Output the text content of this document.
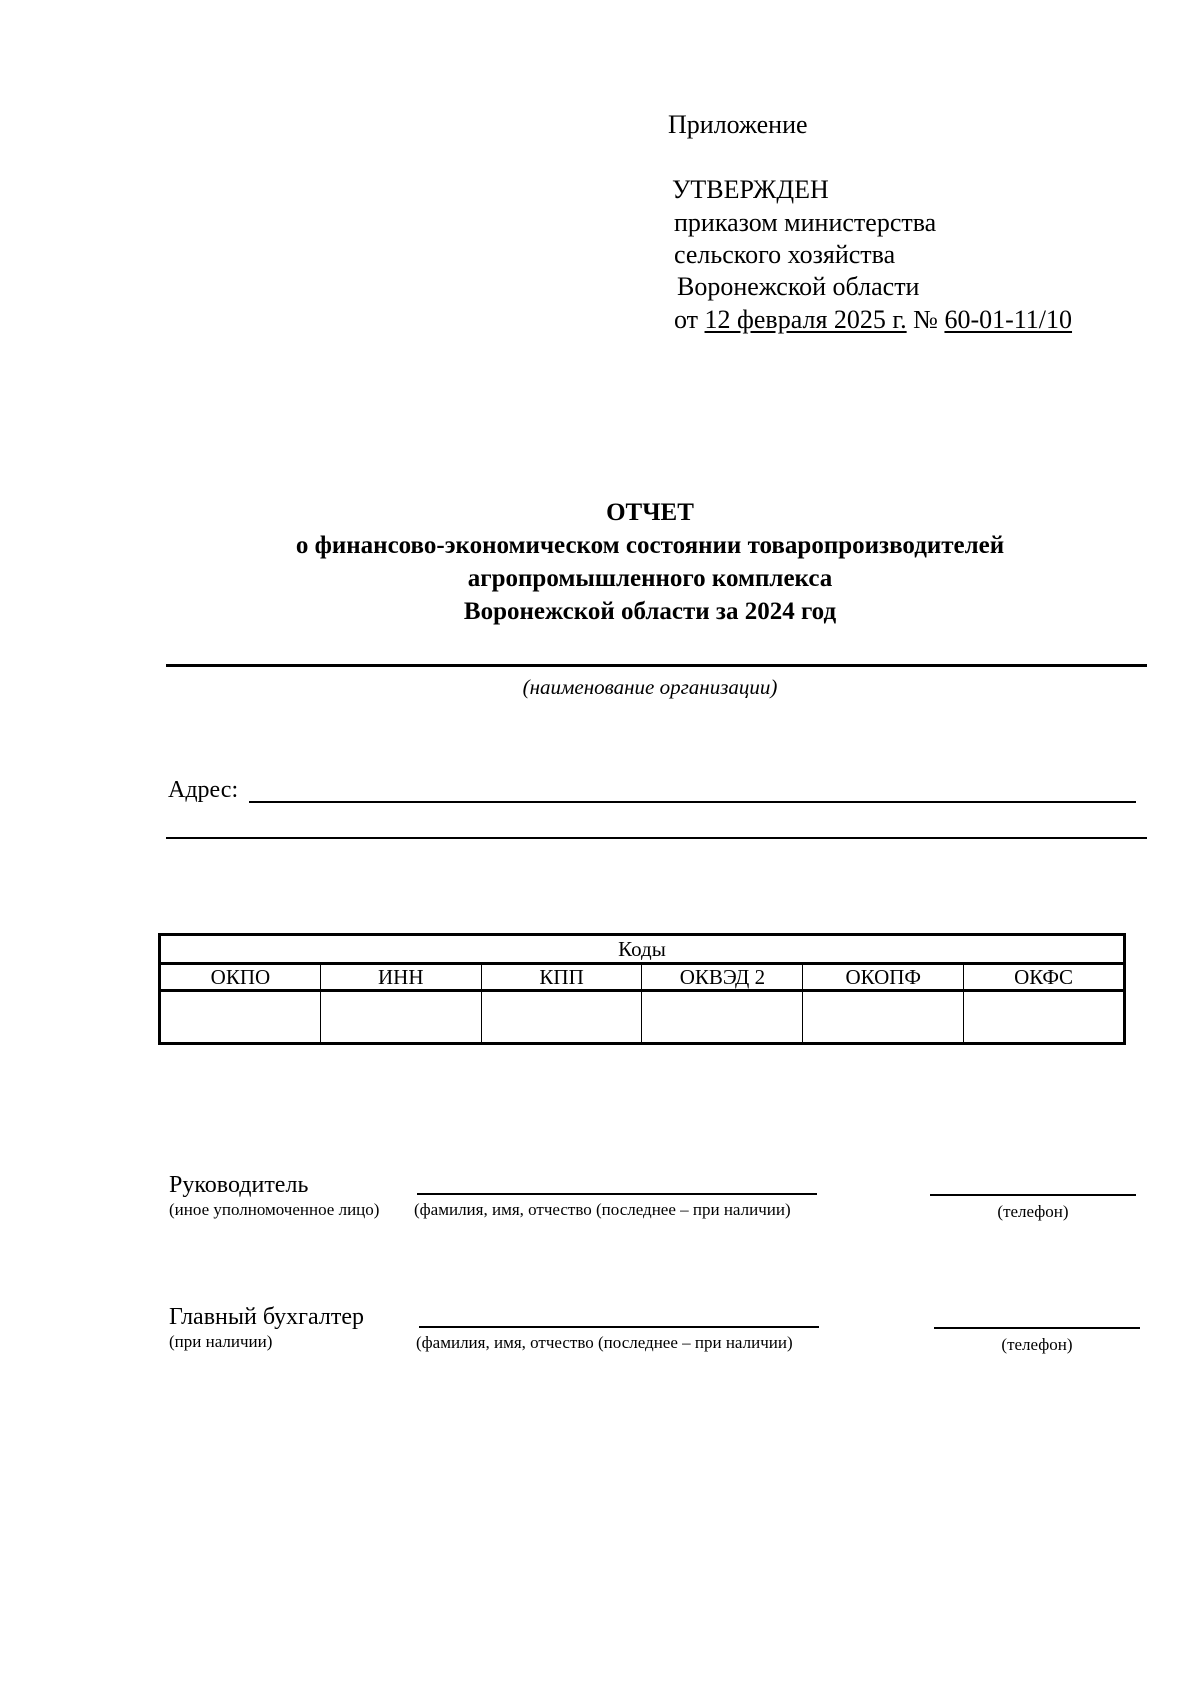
Приложение
УТВЕРЖДЕН
приказом министерства
сельского хозяйства
Воронежской области
от 12 февраля 2025 г. № 60-01-11/10
ОТЧЕТ
о финансово-экономическом состоянии товаропроизводителей
агропромышленного комплекса
Воронежской области за 2024 год
(наименование организации)
Адрес:
Коды					
ОКПО	ИНН	КПП	ОКВЭД 2	ОКОПФ	ОКФС

Руководитель
(иное уполномоченное лицо) (фамилия, имя, отчество (последнее – при наличии)	(телефон)
Главный бухгалтер
(при наличии)	(фамилия, имя, отчество (последнее – при наличии)	(телефон)
